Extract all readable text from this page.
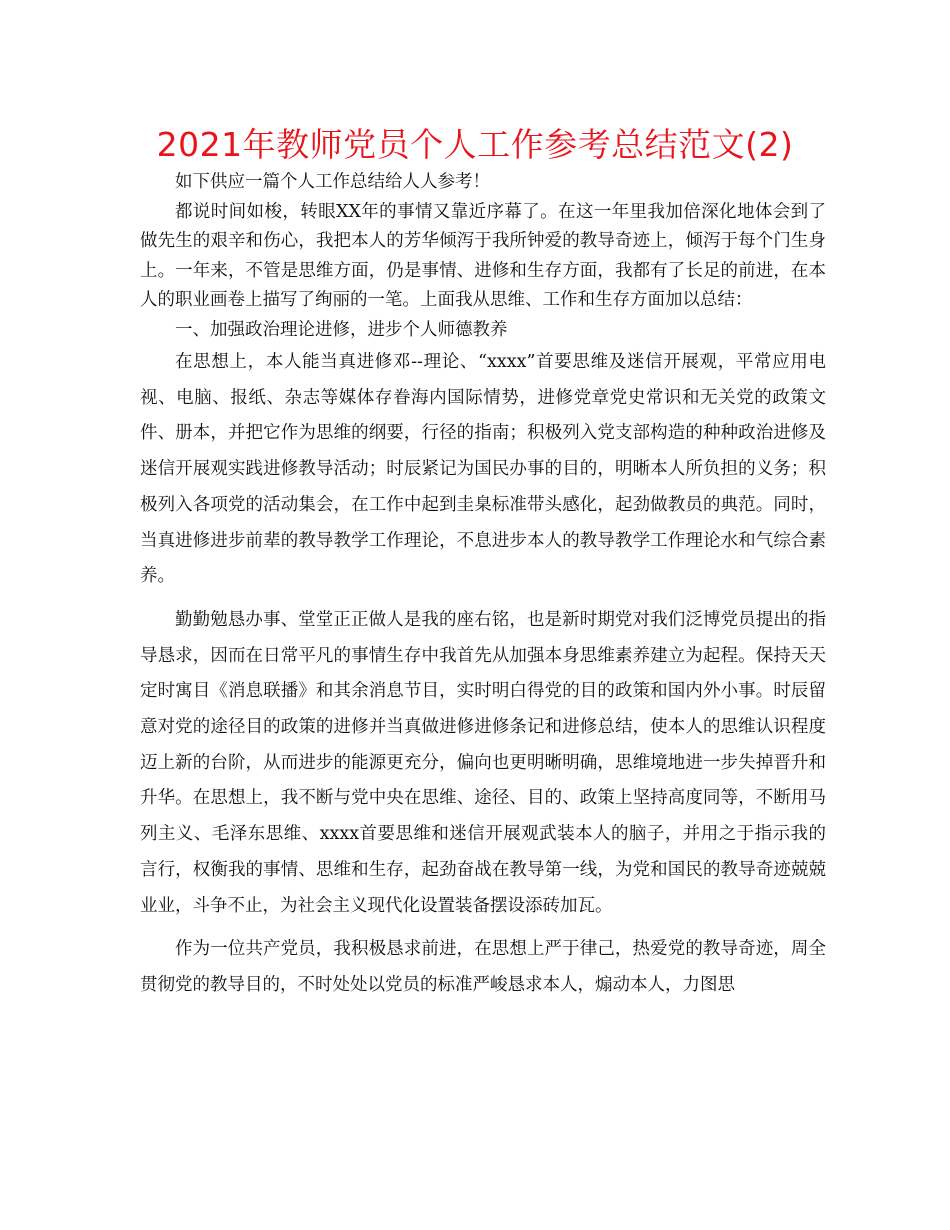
2021年教师党员个人工作参考总结范文(2)

如下供应一篇个人工作总结给人人参考！

都说时间如梭，转眼XX年的事情又靠近序幕了。在这一年里我加倍深化地体会到了做先生的艰辛和伤心，我把本人的芳华倾泻于我所钟爱的教导奇迹上，倾泻于每个门生身上。一年来，不管是思维方面，仍是事情、进修和生存方面，我都有了长足的前进，在本人的职业画卷上描写了绚丽的一笔。上面我从思维、工作和生存方面加以总结：

一、加强政治理论进修，进步个人师德教养

在思想上，本人能当真进修邓--理论、“xxxx”首要思维及迷信开展观，平常应用电视、电脑、报纸、杂志等媒体存眷海内国际情势，进修党章党史常识和无关党的政策文件、册本，并把它作为思维的纲要，行径的指南；积极列入党支部构造的种种政治进修及迷信开展观实践进修教导活动；时辰紧记为国民办事的目的，明晰本人所负担的义务；积极列入各项党的活动集会，在工作中起到圭臬标准带头感化，起劲做教员的典范。同时，当真进修进步前辈的教导教学工作理论，不息进步本人的教导教学工作理论水和气综合素养。

勤勤勉恳办事、堂堂正正做人是我的座右铭，也是新时期党对我们泛博党员提出的指导恳求，因而在日常平凡的事情生存中我首先从加强本身思维素养建立为起程。保持天天定时寓目《消息联播》和其余消息节目，实时明白得党的目的政策和国内外小事。时辰留意对党的途径目的政策的进修并当真做进修进修条记和进修总结，使本人的思维认识程度迈上新的台阶，从而进步的能源更充分，偏向也更明晰明确，思维境地进一步失掉晋升和升华。在思想上，我不断与党中央在思维、途径、目的、政策上坚持高度同等，不断用马列主义、毛泽东思维、xxxx首要思维和迷信开展观武装本人的脑子，并用之于指示我的言行，权衡我的事情、思维和生存，起劲奋战在教导第一线，为党和国民的教导奇迹兢兢业业，斗争不止，为社会主义现代化设置装备摆设添砖加瓦。

作为一位共产党员，我积极恳求前进，在思想上严于律己，热爱党的教导奇迹，周全贯彻党的教导目的，不时处处以党员的标准严峻恳求本人，煽动本人，力图思
